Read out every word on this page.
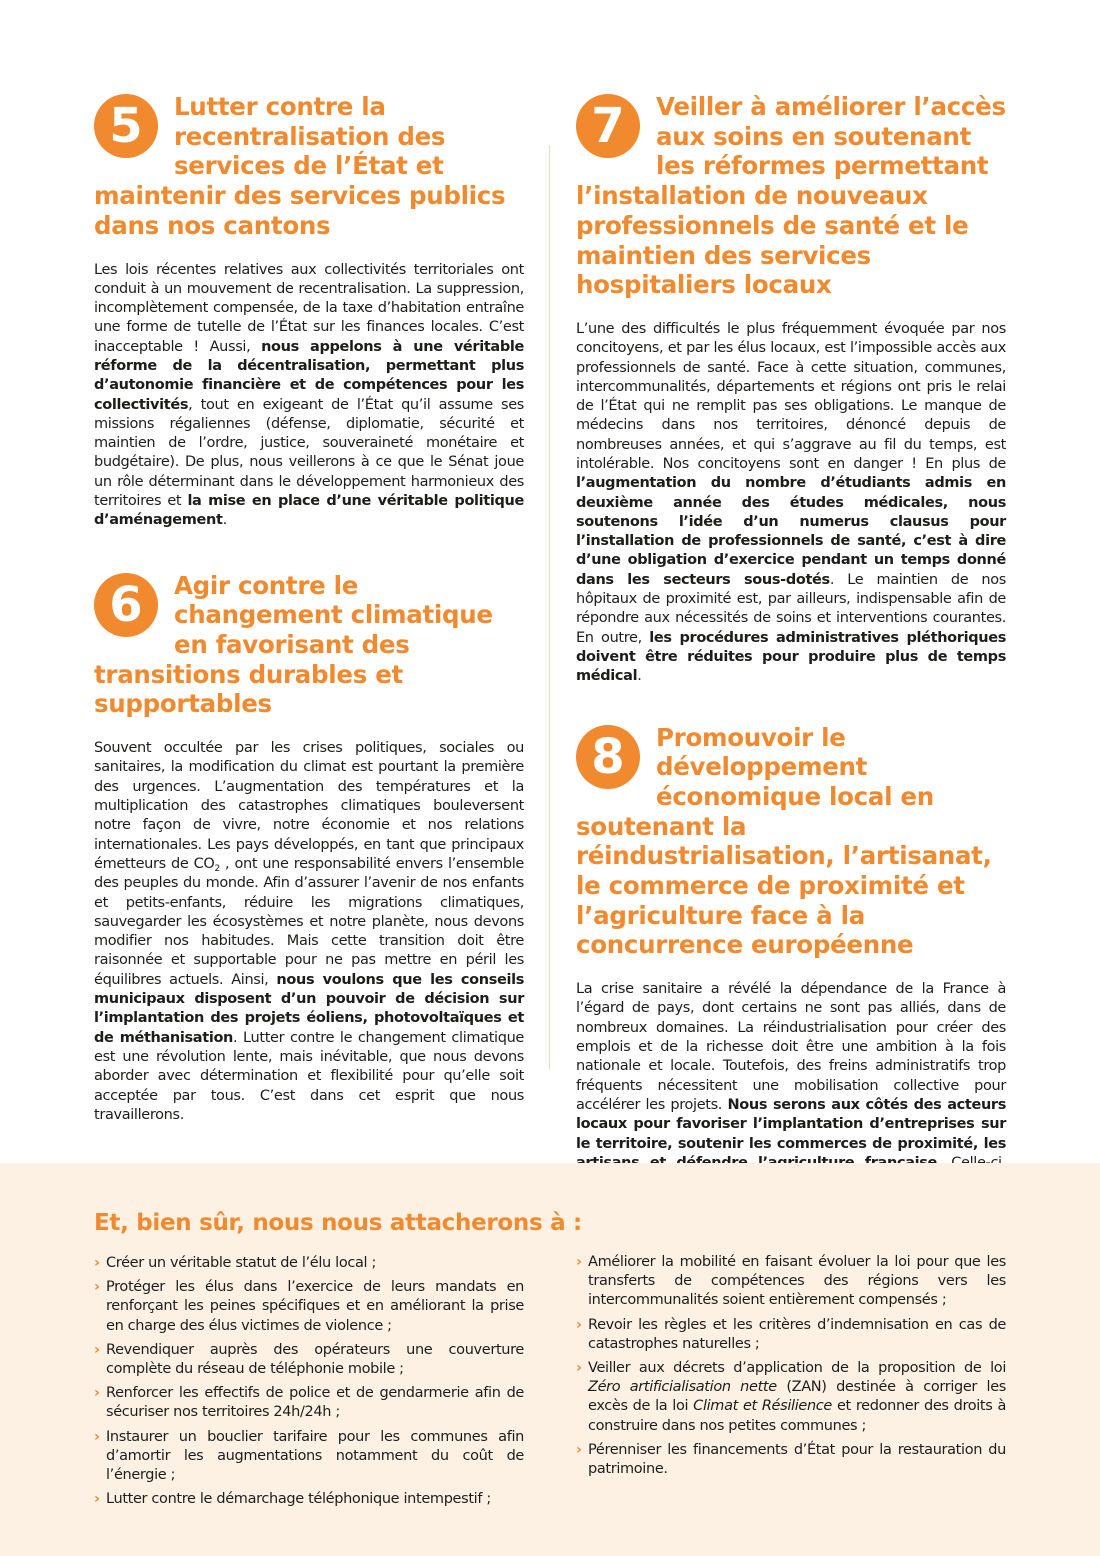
5	Lutter contre la recentralisation des services de l’État et maintenir des services publics dans nos cantons

Les lois récentes relatives aux collectivités territoriales ont conduit à un mouvement de recentralisation. La suppression, incomplètement compensée, de la taxe d’habitation entraîne une forme de tutelle de l’État sur les finances locales. C’est inacceptable ! Aussi, nous appelons à une véritable réforme de la décentralisation, permettant plus d’autonomie financière et de compétences pour les collectivités, tout en exigeant de l’État qu’il assume ses missions régaliennes (défense, diplomatie, sécurité et maintien de l’ordre, justice, souveraineté monétaire et budgétaire). De plus, nous veillerons à ce que le Sénat joue un rôle déterminant dans le développement harmonieux des territoires et la mise en place d’une véritable politique d’aménagement.

6	Agir contre le changement climatique en favorisant des transitions durables et supportables

Souvent occultée par les crises politiques, sociales ou sanitaires, la modification du climat est pourtant la première des urgences. L’augmentation des températures et la multiplication des catastrophes climatiques bouleversent notre façon de vivre, notre économie et nos relations internationales. Les pays développés, en tant que principaux émetteurs de $CO_2$ , ont une responsabilité envers l’ensemble des peuples du monde. Afin d’assurer l’avenir de nos enfants et petits-enfants, réduire les migrations climatiques, sauvegarder les écosystèmes et notre planète, nous devons modifier nos habitudes. Mais cette transition doit être raisonnée et supportable pour ne pas mettre en péril les équilibres actuels. Ainsi, nous voulons que les conseils municipaux disposent d’un pouvoir de décision sur l’implantation des projets éoliens, photovoltaïques et de méthanisation. Lutter contre le changement climatique est une révolution lente, mais inévitable, que nous devons aborder avec détermination et flexibilité pour qu’elle soit acceptée par tous. C’est dans cet esprit que nous travaillerons.

7	Veiller à améliorer l’accès aux soins en soutenant les réformes permettant l’installation de nouveaux professionnels de santé et le maintien des services hospitaliers locaux

L’une des difficultés le plus fréquemment évoquée par nos concitoyens, et par les élus locaux, est l’impossible accès aux professionnels de santé. Face à cette situation, communes, intercommunalités, départements et régions ont pris le relai de l’État qui ne remplit pas ses obligations. Le manque de médecins dans nos territoires, dénoncé depuis de nombreuses années, et qui s’aggrave au fil du temps, est intolérable. Nos concitoyens sont en danger ! En plus de l’augmentation du nombre d’étudiants admis en deuxième année des études médicales, nous soutenons l’idée d’un numerus clausus pour l’installation de professionnels de santé, c’est à dire d’une obligation d’exercice pendant un temps donné dans les secteurs sous-dotés. Le maintien de nos hôpitaux de proximité est, par ailleurs, indispensable afin de répondre aux nécessités de soins et interventions courantes. En outre, les procédures administratives pléthoriques doivent être réduites pour produire plus de temps médical.

8	Promouvoir le développement économique local en soutenant la réindustrialisation, l’artisanat, le commerce de proximité et l’agriculture face à la concurrence européenne

La crise sanitaire a révélé la dépendance de la France à l’égard de pays, dont certains ne sont pas alliés, dans de nombreux domaines. La réindustrialisation pour créer des emplois et de la richesse doit être une ambition à la fois nationale et locale. Toutefois, des freins administratifs trop fréquents nécessitent une mobilisation collective pour accélérer les projets. Nous serons aux côtés des acteurs locaux pour favoriser l’implantation d’entreprises sur le territoire, soutenir les commerces de proximité, les

Et, bien sûr, nous nous attacherons à :
› Créer un véritable statut de l’élu local ;
› Protéger les élus dans l’exercice de leurs mandats en renforçant les peines spécifiques et en améliorant la prise en charge des élus victimes de violence ;
› Revendiquer auprès des opérateurs une couverture complète du réseau de téléphonie mobile ;
› Renforcer les effectifs de police et de gendarmerie afin de sécuriser nos territoires 24h/24h ;
› Instaurer un bouclier tarifaire pour les communes afin d’amortir les augmentations notamment du coût de l’énergie ;
› Lutter contre le démarchage téléphonique intempestif ;
› Améliorer la mobilité en faisant évoluer la loi pour que les transferts de compétences des régions vers les intercommunalités soient entièrement compensés ;
› Revoir les règles et les critères d’indemnisation en cas de catastrophes naturelles ;
› Veiller aux décrets d’application de la proposition de loi Zéro artificialisation nette (ZAN) destinée à corriger les excès de la loi Climat et Résilience et redonner des droits à construire dans nos petites communes ;
› Pérenniser les financements d’État pour la restauration du patrimoine.
